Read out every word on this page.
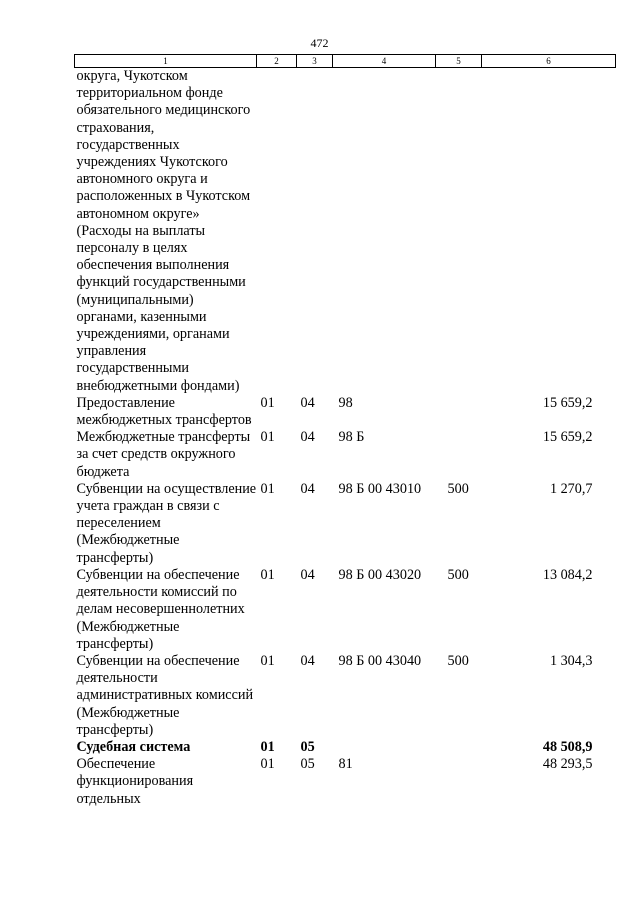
472
1	2	3	4	5	6
округа, Чукотском территориальном фонде обязательного медицинского страхования, государственных учреждениях Чукотского автономного округа и расположенных в Чукотском автономном округе» (Расходы на выплаты персоналу в целях обеспечения выполнения функций государственными (муниципальными) органами, казенными учреждениями, органами управления государственными внебюджетными фондами)					
Предоставление межбюджетных трансфертов	01	04	98		15 659,2
Межбюджетные трансферты за счет средств окружного бюджета	01	04	98 Б		15 659,2
Субвенции на осуществление учета граждан в связи с переселением (Межбюджетные трансферты)	01	04	98 Б 00 43010	500	1 270,7
Субвенции на обеспечение деятельности комиссий по делам несовершеннолетних (Межбюджетные трансферты)	01	04	98 Б 00 43020	500	13 084,2
Субвенции на обеспечение деятельности административных комиссий (Межбюджетные трансферты)	01	04	98 Б 00 43040	500	1 304,3
Судебная система	01	05			48 508,9
Обеспечение функционирования отдельных	01	05	81		48 293,5
